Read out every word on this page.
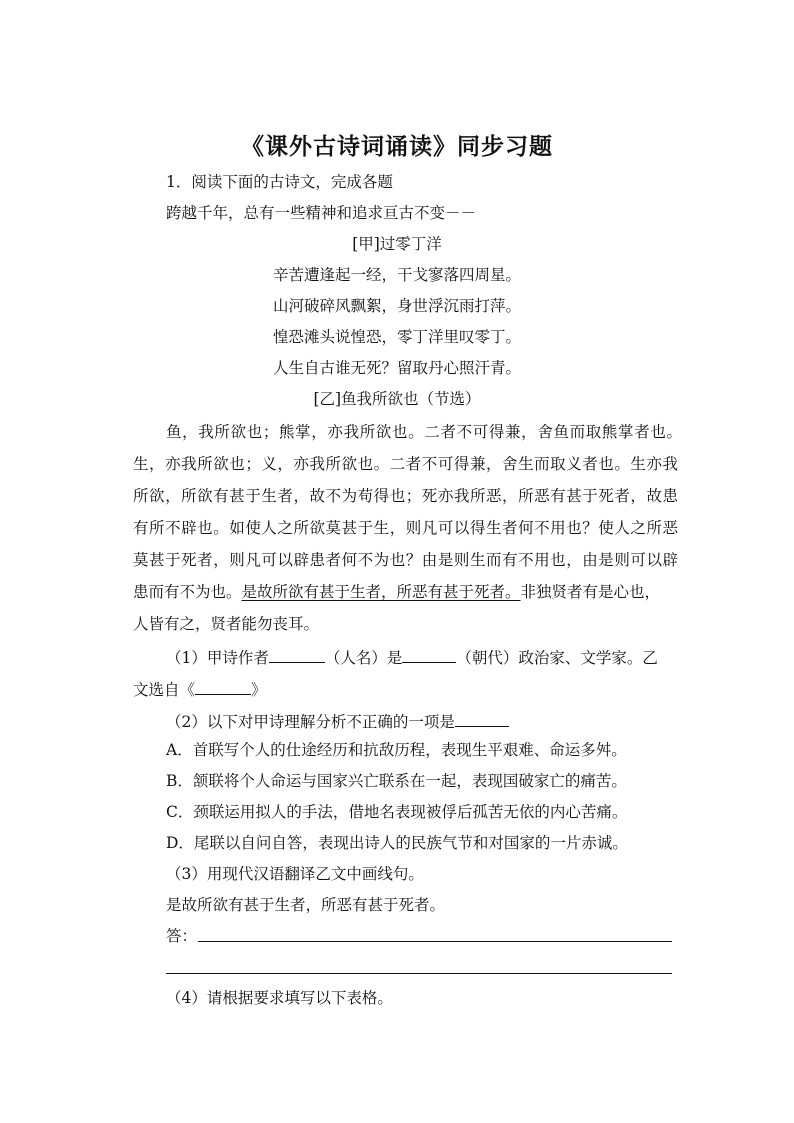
《课外古诗词诵读》同步习题
1．阅读下面的古诗文，完成各题
跨越千年，总有一些精神和追求亘古不变－－
[甲]过零丁洋
辛苦遭逢起一经，干戈寥落四周星。
山河破碎风飘絮，身世浮沉雨打萍。
惶恐滩头说惶恐，零丁洋里叹零丁。
人生自古谁无死？留取丹心照汗青。
[乙]鱼我所欲也（节选）
鱼，我所欲也；熊掌，亦我所欲也。二者不可得兼，舍鱼而取熊掌者也。
生，亦我所欲也；义，亦我所欲也。二者不可得兼，舍生而取义者也。生亦我
所欲，所欲有甚于生者，故不为苟得也；死亦我所恶，所恶有甚于死者，故患
有所不辟也。如使人之所欲莫甚于生，则凡可以得生者何不用也？使人之所恶
莫甚于死者，则凡可以辟患者何不为也？由是则生而有不用也，由是则可以辟
患而有不为也。是故所欲有甚于生者，所恶有甚于死者。非独贤者有是心也，
人皆有之，贤者能勿丧耳。
（1）甲诗作者	（人名）是	（朝代）政治家、文学家。乙
文选自《	》
（2）以下对甲诗理解分析不正确的一项是
A．首联写个人的仕途经历和抗敌历程，表现生平艰难、命运多舛。
B．颔联将个人命运与国家兴亡联系在一起，表现国破家亡的痛苦。
C．颈联运用拟人的手法，借地名表现被俘后孤苦无依的内心苦痛。
D．尾联以自问自答，表现出诗人的民族气节和对国家的一片赤诚。
（3）用现代汉语翻译乙文中画线句。
是故所欲有甚于生者，所恶有甚于死者。
答：
（4）请根据要求填写以下表格。
